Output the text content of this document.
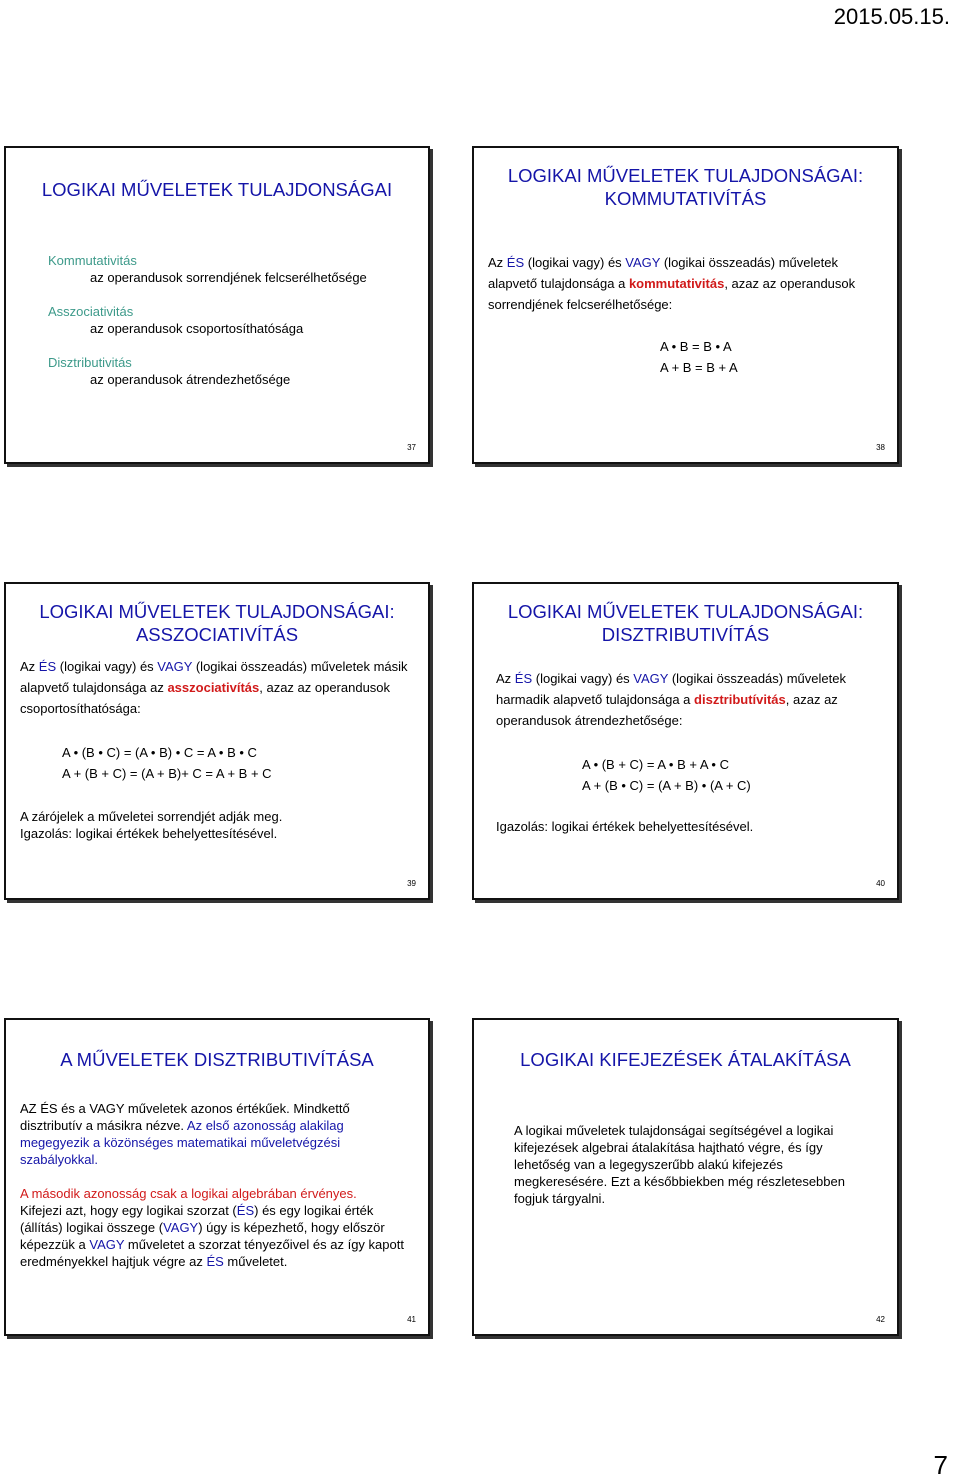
2015.05.15.
LOGIKAI MŰVELETEK TULAJDONSÁGAI
Kommutativitás
az operandusok sorrendjének felcserélhetősége
Asszociativitás
az operandusok csoportosíthatósága
Disztributivitás
az operandusok átrendezhetősége
37
LOGIKAI MŰVELETEK TULAJDONSÁGAI:
KOMMUTATIVÍTÁS
Az ÉS (logikai vagy) és VAGY (logikai összeadás) műveletek alapvető tulajdonsága a kommutativitás, azaz az operandusok sorrendjének felcserélhetősége:
A • B = B • A
A + B = B + A
38
LOGIKAI MŰVELETEK TULAJDONSÁGAI:
ASSZOCIATIVÍTÁS
Az ÉS (logikai vagy) és VAGY (logikai összeadás) műveletek másik alapvető tulajdonsága az asszociativítás, azaz az operandusok csoportosíthatósága:
A • (B • C) = (A • B) • C = A • B • C
A + (B + C) = (A + B)+ C = A + B + C
A zárójelek a műveletei sorrendjét adják meg.
Igazolás: logikai értékek behelyettesítésével.
39
LOGIKAI MŰVELETEK TULAJDONSÁGAI:
DISZTRIBUTIVÍTÁS
Az ÉS (logikai vagy) és VAGY (logikai összeadás) műveletek harmadik alapvető tulajdonsága a disztributívitás, azaz az operandusok átrendezhetősége:
A • (B + C) = A • B + A • C
A + (B • C) = (A + B) • (A + C)
Igazolás: logikai értékek behelyettesítésével.
40
A MŰVELETEK DISZTRIBUTIVÍTÁSA
AZ ÉS és a VAGY műveletek azonos értékűek. Mindkettő disztributív a másikra nézve. Az első azonosság alakilag megegyezik a közönséges matematikai műveletvégzési szabályokkal.
A második azonosság csak a logikai algebrában érvényes.
Kifejezi azt, hogy egy logikai szorzat (ÉS) és egy logikai érték (állítás) logikai összege (VAGY) úgy is képezhető, hogy először képezzük a VAGY műveletet a szorzat tényezőivel és az így kapott eredményekkel hajtjuk végre az ÉS műveletet.
41
LOGIKAI KIFEJEZÉSEK ÁTALAKÍTÁSA
A logikai műveletek tulajdonságai segítségével a logikai kifejezések algebrai átalakítása hajtható végre, és így lehetőség van a legegyszerűbb alakú kifejezés megkeresésére. Ezt a későbbiekben még részletesebben fogjuk tárgyalni.
42
7
